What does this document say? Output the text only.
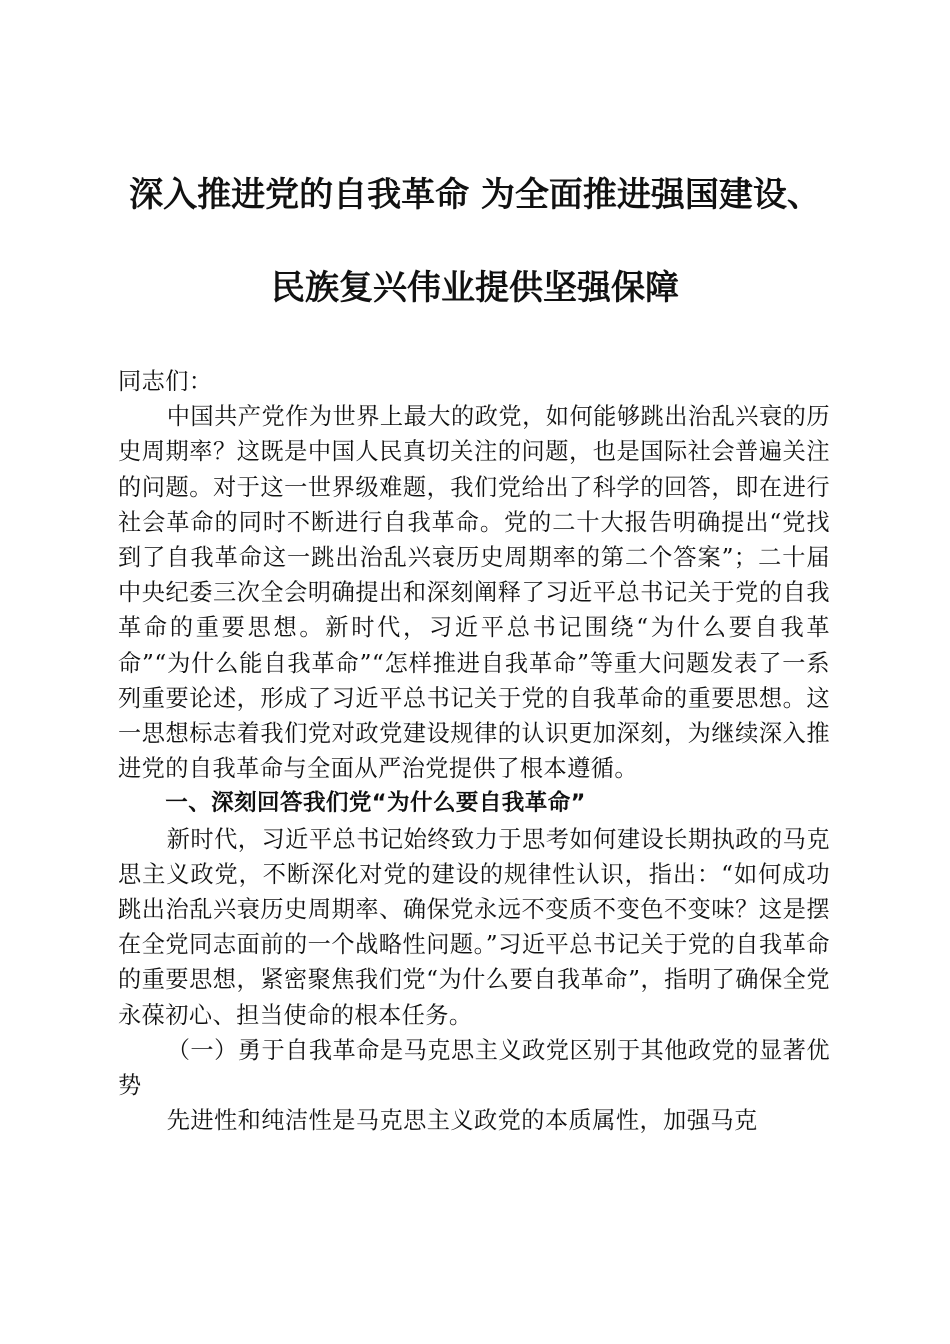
深入推进党的自我革命 为全面推进强国建设、
民族复兴伟业提供坚强保障

同志们：

中国共产党作为世界上最大的政党，如何能够跳出治乱兴衰的历史周期率？这既是中国人民真切关注的问题，也是国际社会普遍关注的问题。对于这一世界级难题，我们党给出了科学的回答，即在进行社会革命的同时不断进行自我革命。党的二十大报告明确提出“党找到了自我革命这一跳出治乱兴衰历史周期率的第二个答案”；二十届中央纪委三次全会明确提出和深刻阐释了习近平总书记关于党的自我革命的重要思想。新时代，习近平总书记围绕“为什么要自我革命”“为什么能自我革命”“怎样推进自我革命”等重大问题发表了一系列重要论述，形成了习近平总书记关于党的自我革命的重要思想。这一思想标志着我们党对政党建设规律的认识更加深刻，为继续深入推进党的自我革命与全面从严治党提供了根本遵循。

一、深刻回答我们党“为什么要自我革命”

新时代，习近平总书记始终致力于思考如何建设长期执政的马克思主义政党，不断深化对党的建设的规律性认识，指出：“如何成功跳出治乱兴衰历史周期率、确保党永远不变质不变色不变味？这是摆在全党同志面前的一个战略性问题。”习近平总书记关于党的自我革命的重要思想，紧密聚焦我们党“为什么要自我革命”，指明了确保全党永葆初心、担当使命的根本任务。

（一）勇于自我革命是马克思主义政党区别于其他政党的显著优势

先进性和纯洁性是马克思主义政党的本质属性，加强马克
